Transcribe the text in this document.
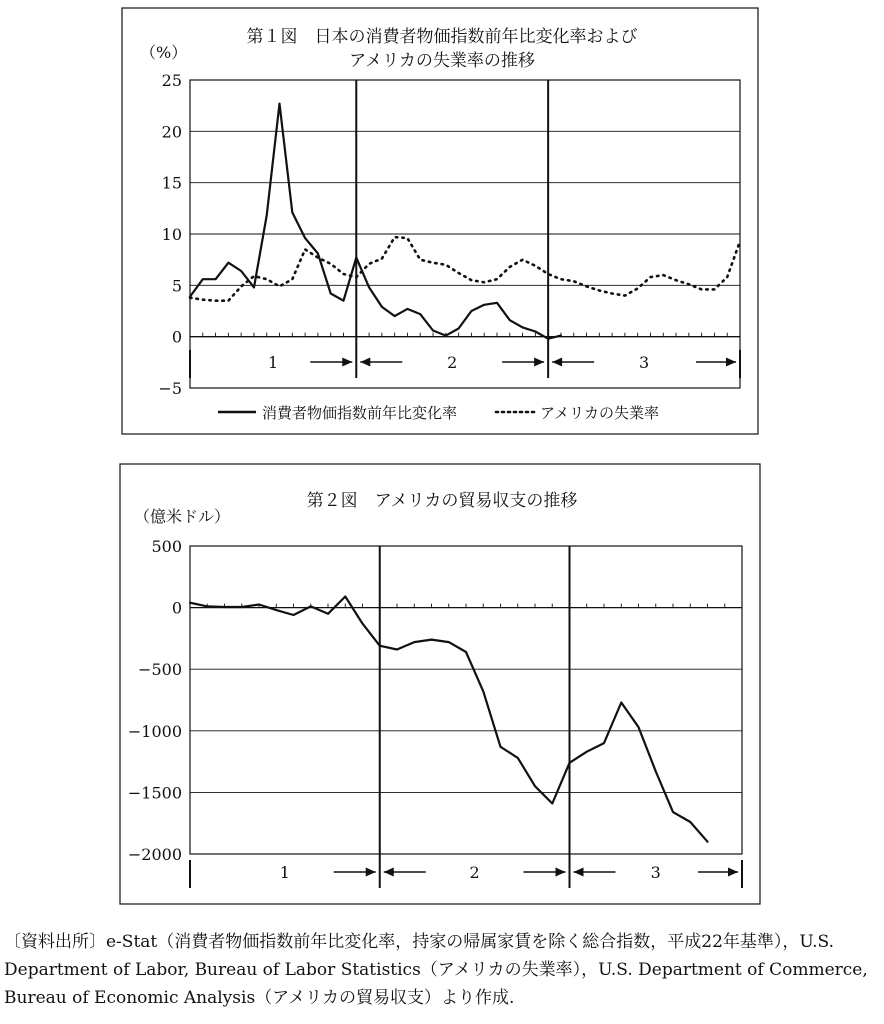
第１図　日本の消費者物価指数前年比変化率および
アメリカの失業率の推移
（%）
25
20
15
10
5
0
−5
1	2	3
消費者物価指数前年比変化率	アメリカの失業率
第２図　アメリカの貿易収支の推移
（億米ドル）
500
0
−500
−1000
−1500
−2000
1	2	3
〔資料出所〕e-Stat（消費者物価指数前年比変化率，持家の帰属家賃を除く総合指数，平成22年基準），U.S. Department of Labor, Bureau of Labor Statistics（アメリカの失業率），U.S. Department of Commerce, Bureau of Economic Analysis（アメリカの貿易収支）より作成.
